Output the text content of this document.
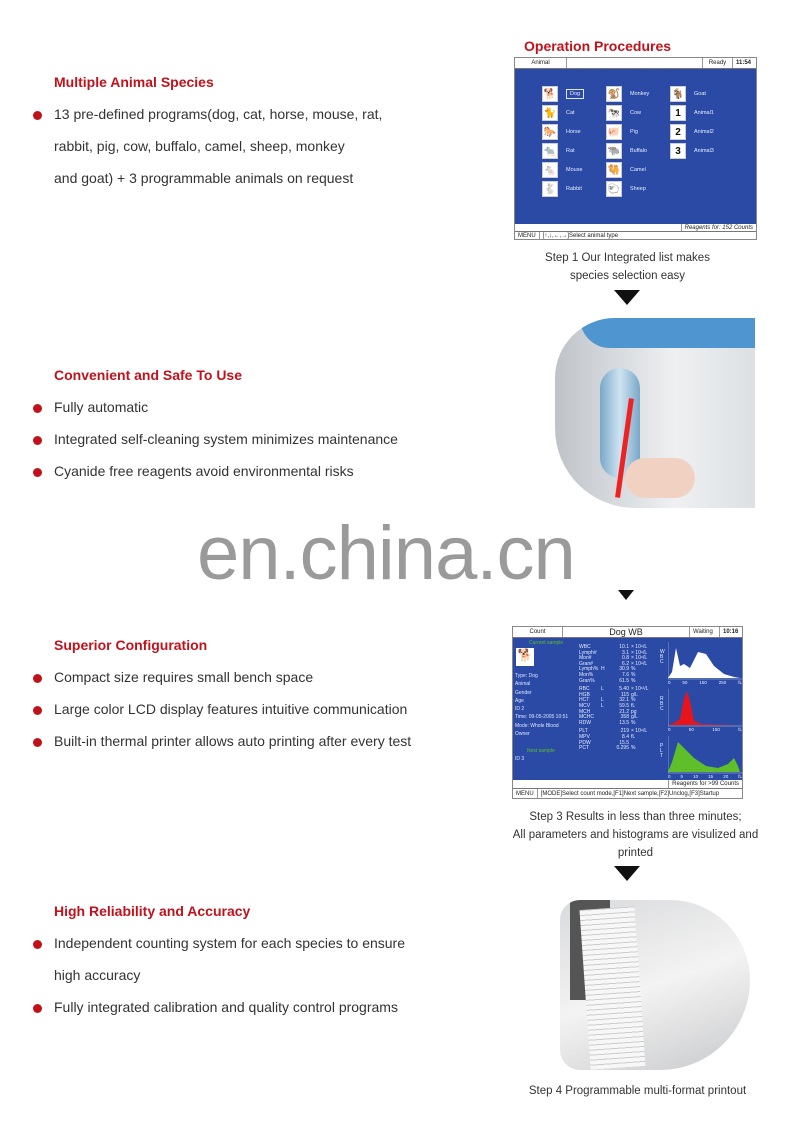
Multiple Animal Species
13 pre-defined programs(dog, cat, horse, mouse, rat,
rabbit, pig, cow, buffalo, camel, sheep, monkey
and goat) + 3 programmable animals on request
Convenient and Safe To Use
Fully automatic
Integrated self-cleaning system minimizes maintenance
Cyanide free reagents avoid environmental risks
Superior Configuration
Compact size requires small bench space
Large color LCD display features intuitive communication
Built-in thermal printer allows auto printing after every test
High Reliability and Accuracy
Independent counting system for each species to ensure
high accuracy
Fully integrated calibration and quality control programs
Operation Procedures
Animal	Ready	11:54
🐕	Dog
🐈	Cat
🐎	Horse
🐀	Rat
🐁	Mouse
🐇	Rabbit
🐒	Monkey
🐄	Cow
🐖	Pig
🐃	Buffalo
🐫	Camel
🐑	Sheep
🐐	Goat
1	Animal1
2	Animal2
3	Animal3
Reagents for: 152 Counts
MENU	[↑,↓,←,→]Select animal type
Step 1 Our Integrated list makes species selection easy
en.china.cn
Count	Dog WB	Waiting	10:16
Current sample
🐕
Type: Dog
Animal
Gender
Age
ID 2
Time: 09-05-2005 10:51
Mode: Whole Blood
Owner
Next sample
ID 3
WBC	10.1 × 10⁹/L
Lymph#	3.1 × 10⁹/L
Mon#	0.8 × 10⁹/L
Gran#	6.2 × 10⁹/L
Lymph% H	30.9 %
Mon%	7.6 %
Gran%	61.5 %
RBC	L	5.40 × 10¹²/L
HGB	115 g/L
HCT	L	32.1 %
MCV	L	59.5 fL
MCH	21.2 pg
MCHC	358 g/L
RDW	13.5 %
PLT	219 × 10⁹/L
MPV	8.4 fL
PDW	15.5
PCT	0.295 %
WBC
0	50	150	250	fL
RBC
0	50	150	fL
PLT
0 5 10 15 20 fL
Reagents for >99 Counts
MENU	[MODE]Select count mode,[F1]Next sample,[F2]Unclog,[F3]Startup
Step 3 Results in less than three minutes;
All parameters and histograms are visulized and printed
Step 4 Programmable multi-format printout
